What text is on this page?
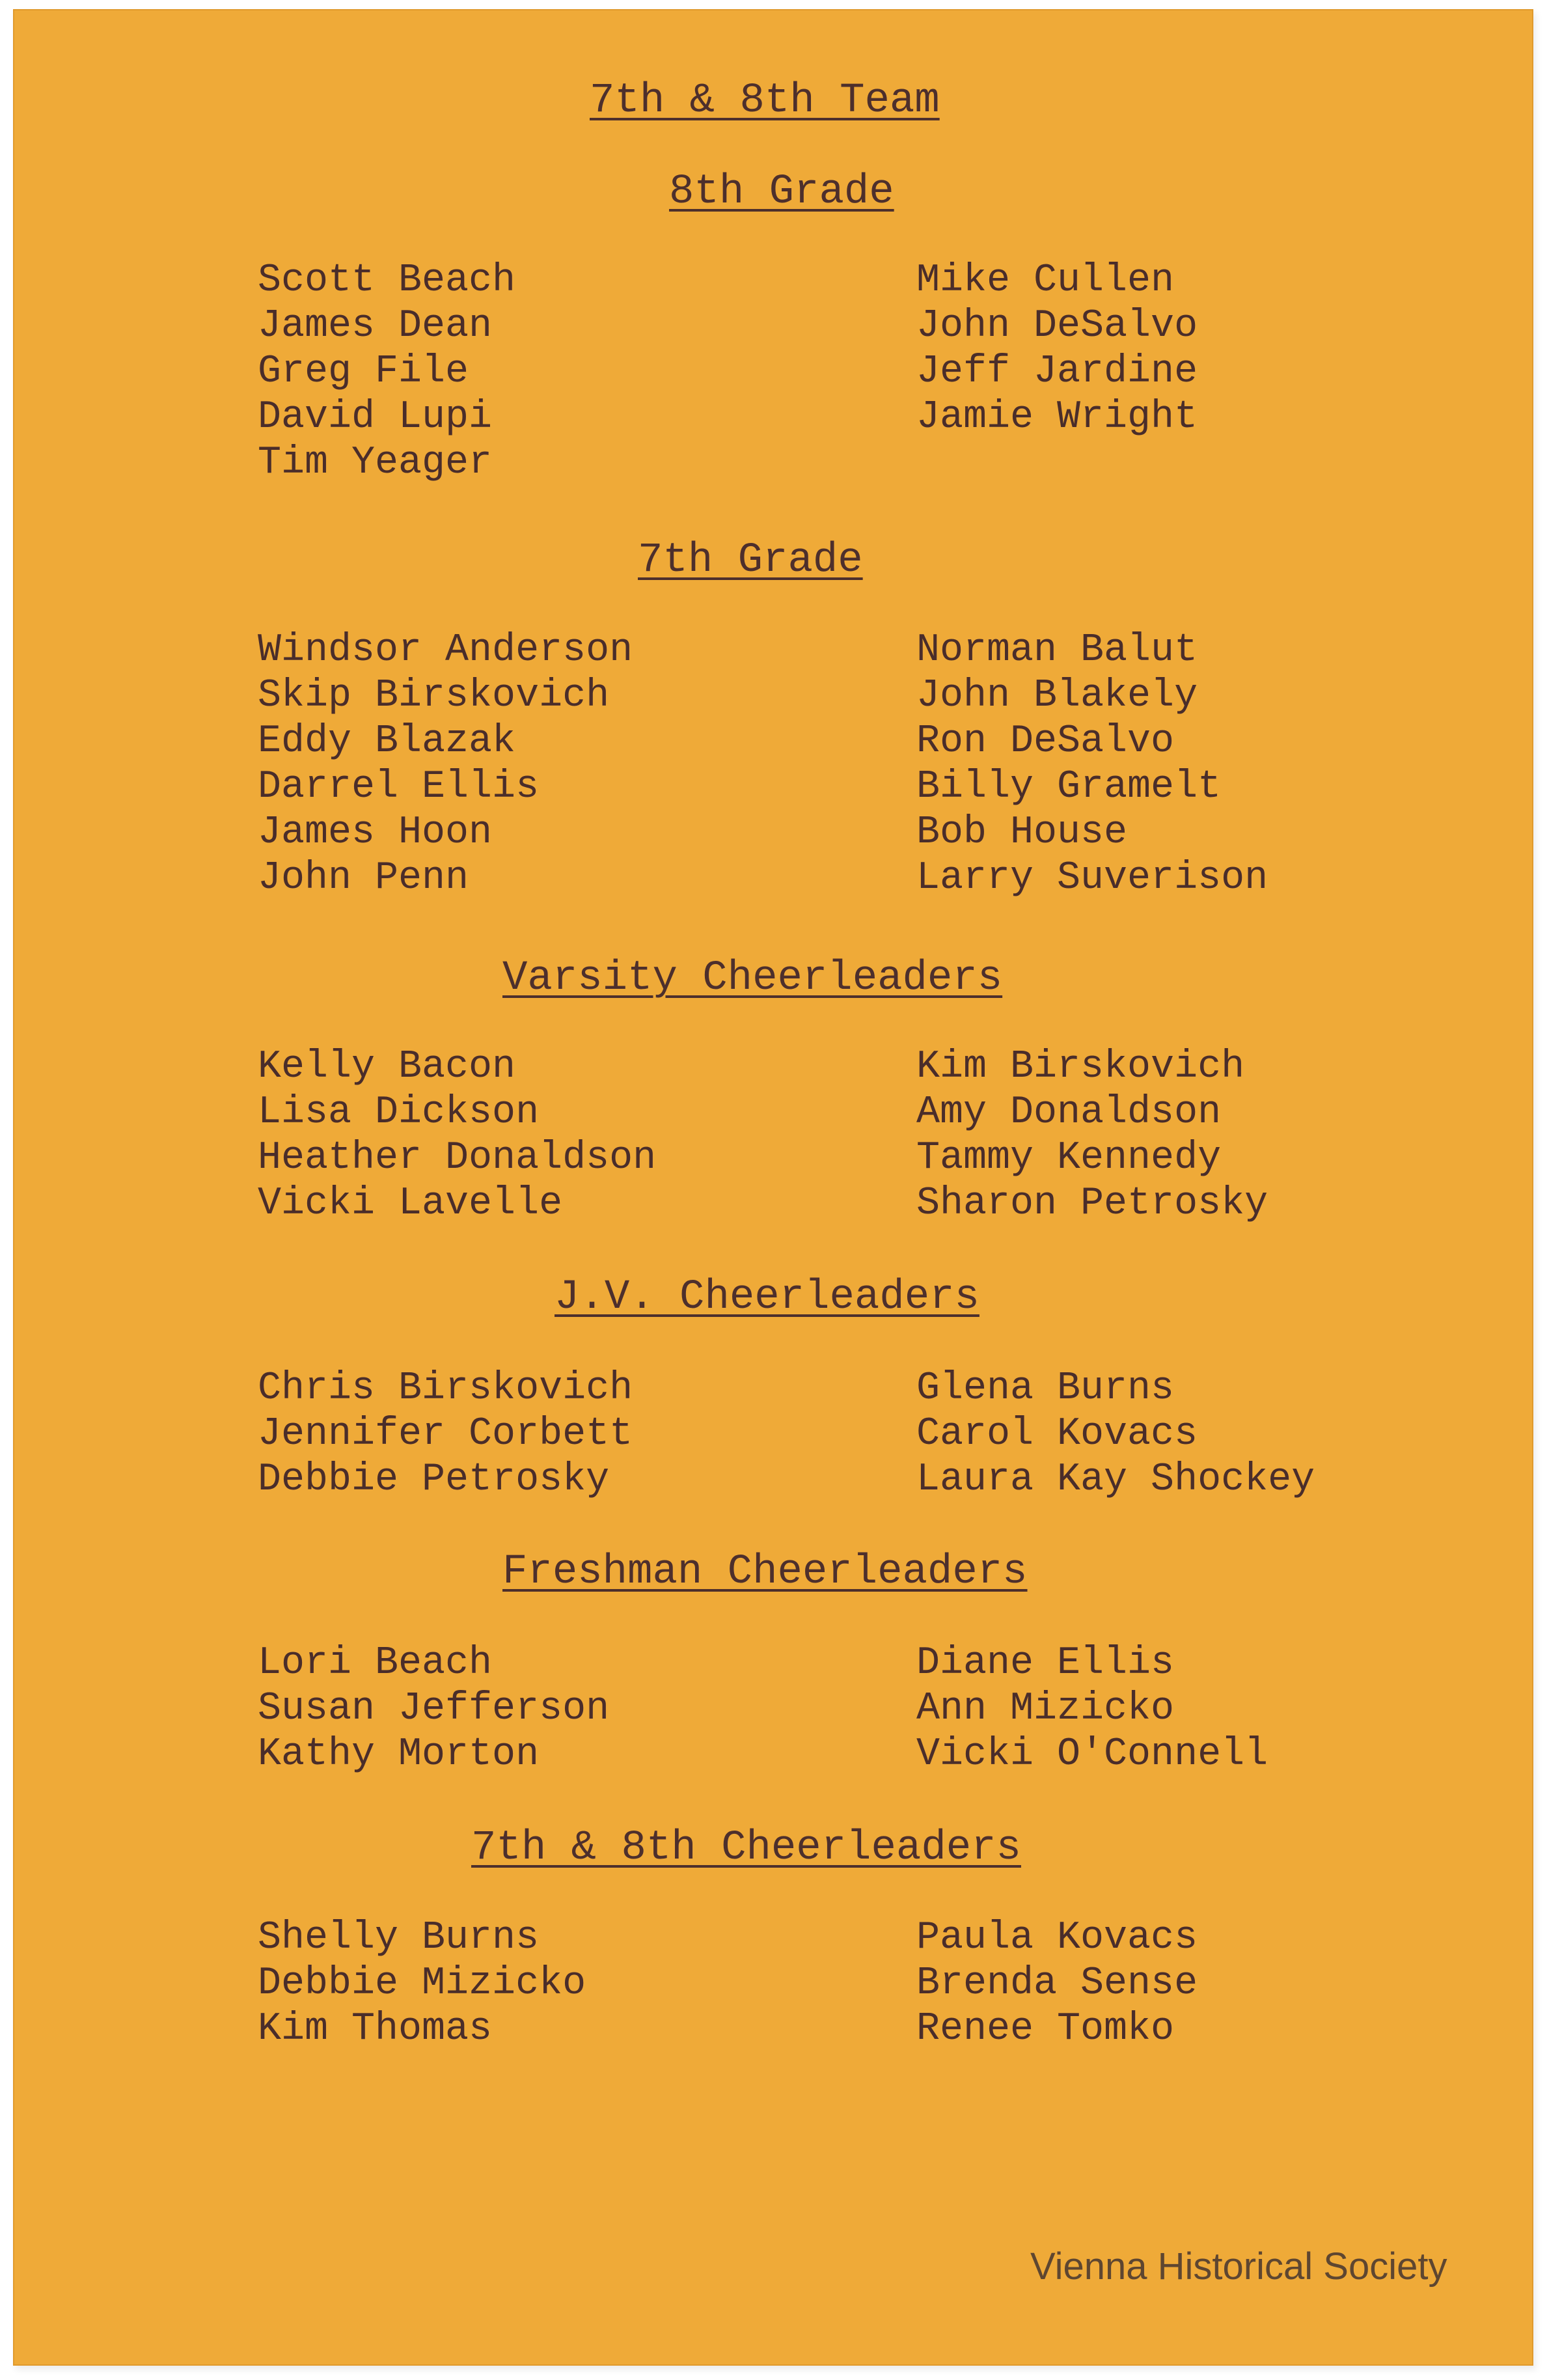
7th & 8th Team
8th Grade
Scott Beach
James Dean
Greg File
David Lupi
Tim Yeager
Mike Cullen
John DeSalvo
Jeff Jardine
Jamie Wright
7th Grade
Windsor Anderson
Skip Birskovich
Eddy Blazak
Darrel Ellis
James Hoon
John Penn
Norman Balut
John Blakely
Ron DeSalvo
Billy Gramelt
Bob House
Larry Suverison
Varsity Cheerleaders
Kelly Bacon
Lisa Dickson
Heather Donaldson
Vicki Lavelle
Kim Birskovich
Amy Donaldson
Tammy Kennedy
Sharon Petrosky
J.V. Cheerleaders
Chris Birskovich
Jennifer Corbett
Debbie Petrosky
Glena Burns
Carol Kovacs
Laura Kay Shockey
Freshman Cheerleaders
Lori Beach
Susan Jefferson
Kathy Morton
Diane Ellis
Ann Mizicko
Vicki O'Connell
7th & 8th Cheerleaders
Shelly Burns
Debbie Mizicko
Kim Thomas
Paula Kovacs
Brenda Sense
Renee Tomko
Vienna Historical Society
